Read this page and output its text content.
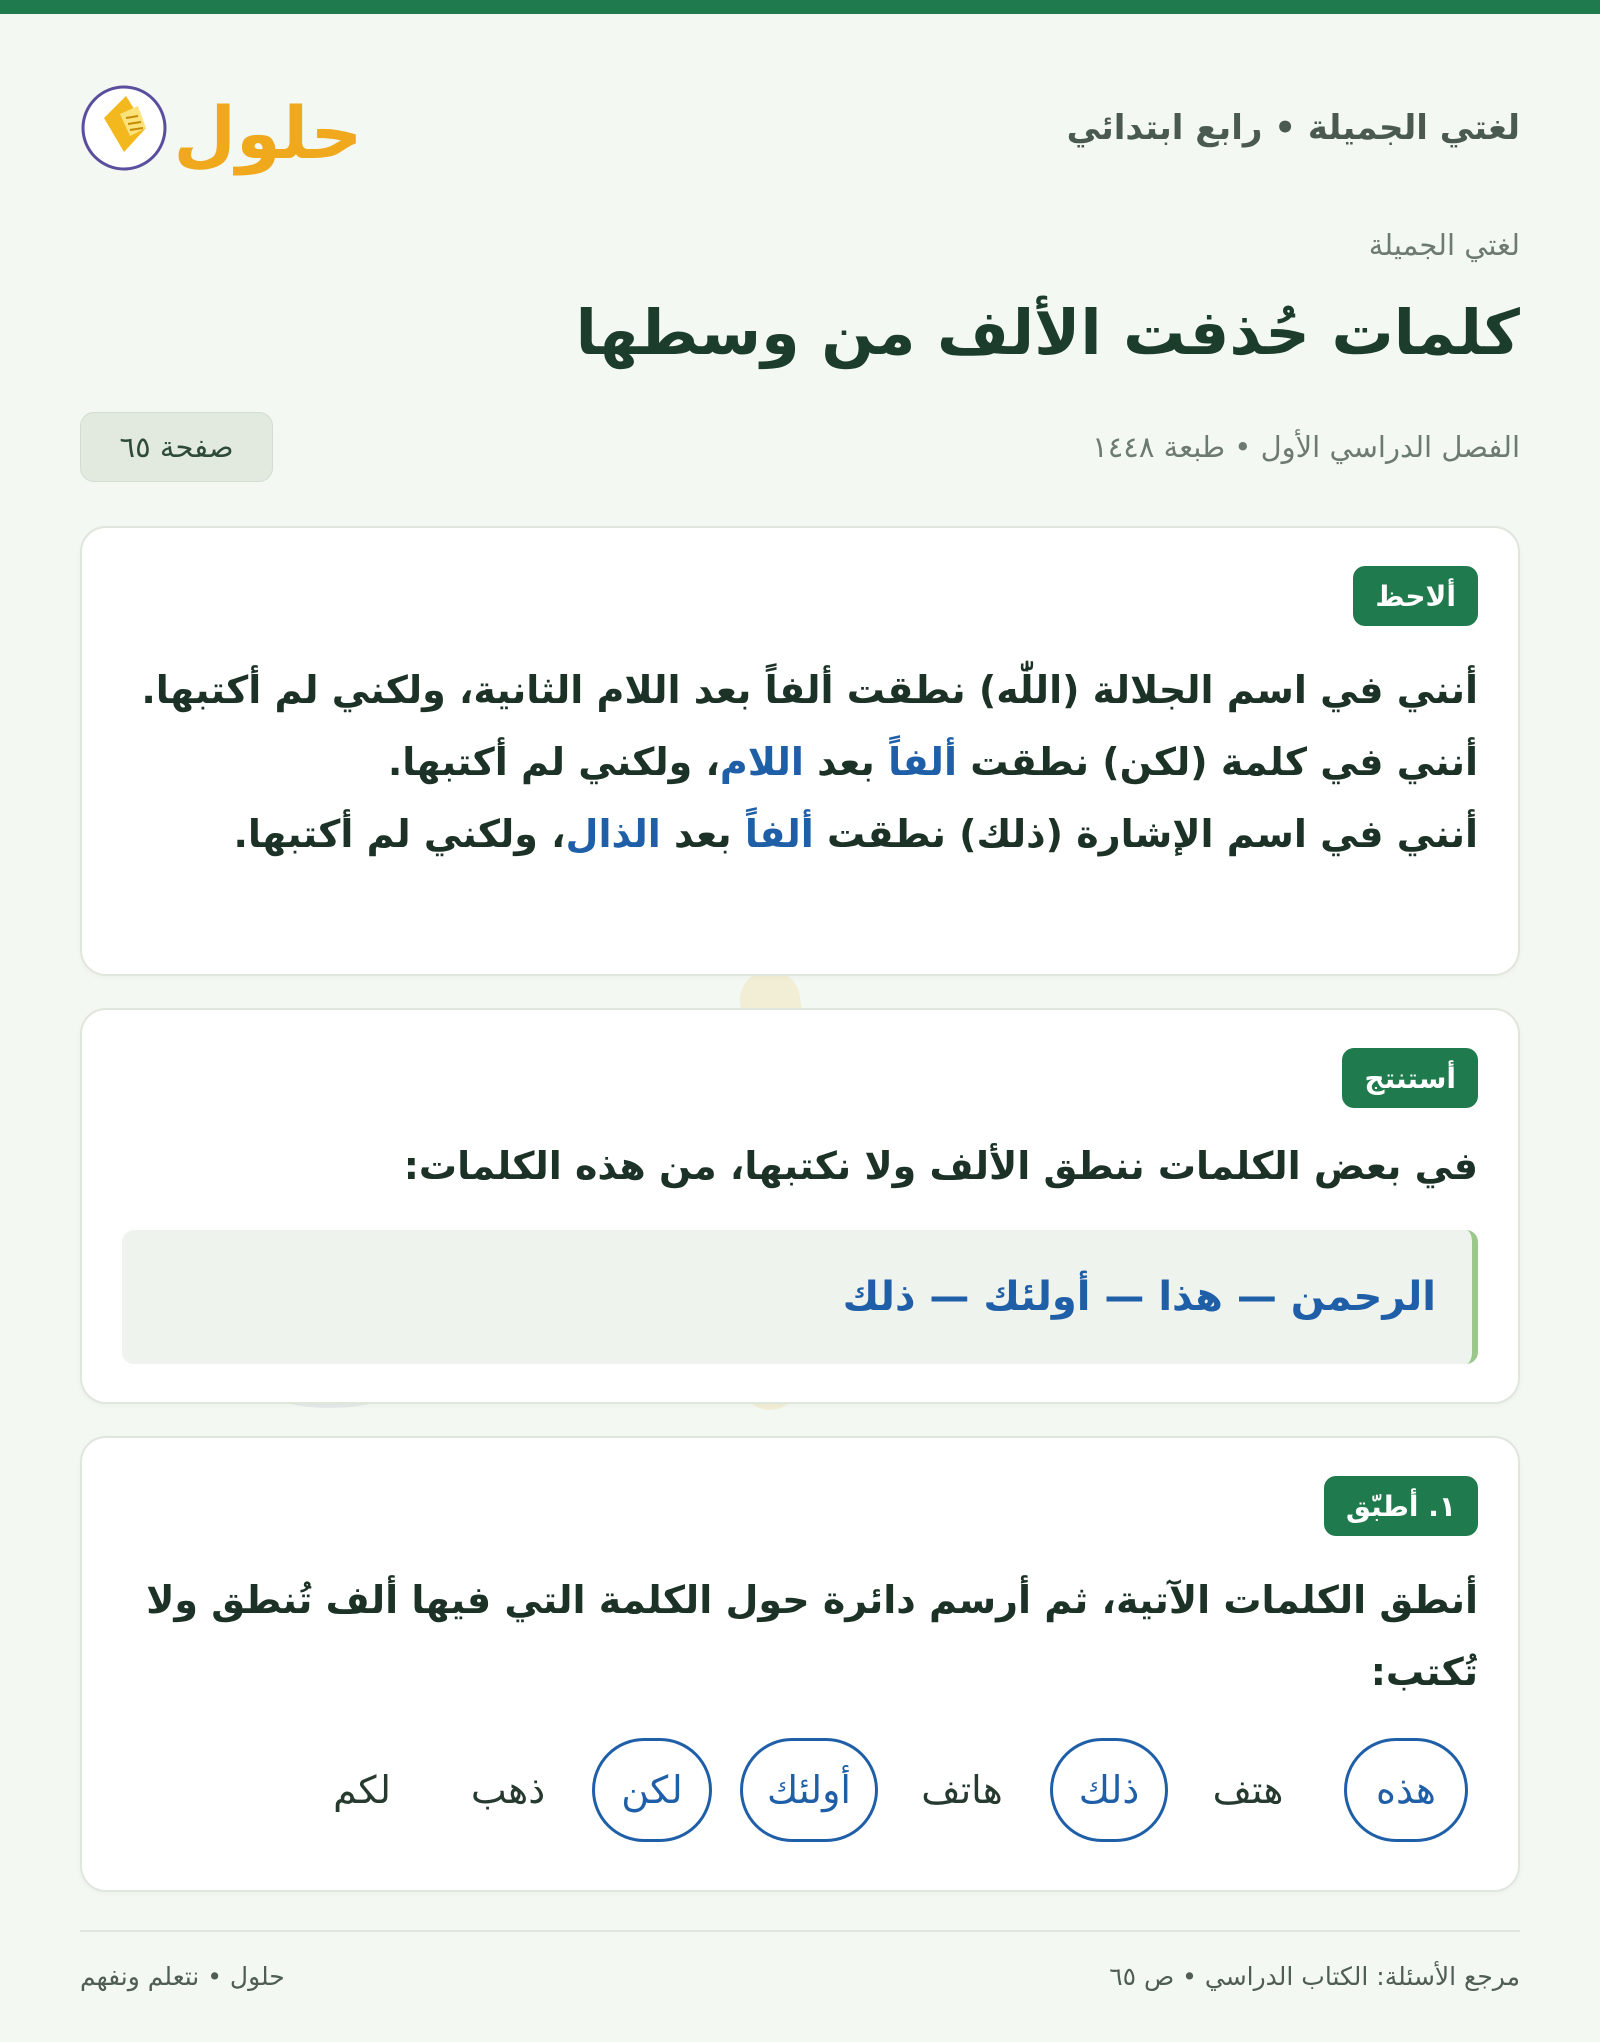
لغتي الجميلة • رابع ابتدائي
حلول
لغتي الجميلة
كلمات حُذفت الألف من وسطها
الفصل الدراسي الأول • طبعة ١٤٤٨
صفحة ٦٥
ألاحظ
أنني في اسم الجلالة (اللّٰه) نطقت ألفاً بعد اللام الثانية، ولكني لم أكتبها.
أنني في كلمة (لكن) نطقت ألفاً بعد اللام، ولكني لم أكتبها.
أنني في اسم الإشارة (ذلك) نطقت ألفاً بعد الذال، ولكني لم أكتبها.
أستنتج
في بعض الكلمات ننطق الألف ولا نكتبها، من هذه الكلمات:
الرحمن — هذا — أولئك — ذلك
١. أطبّق
أنطق الكلمات الآتية، ثم أرسم دائرة حول الكلمة التي فيها ألف تُنطق ولا تُكتب:
هذه
هتف
ذلك
هاتف
أولئك
لكن
ذهب
لكم
مرجع الأسئلة: الكتاب الدراسي • ص ٦٥
حلول • نتعلم ونفهم
